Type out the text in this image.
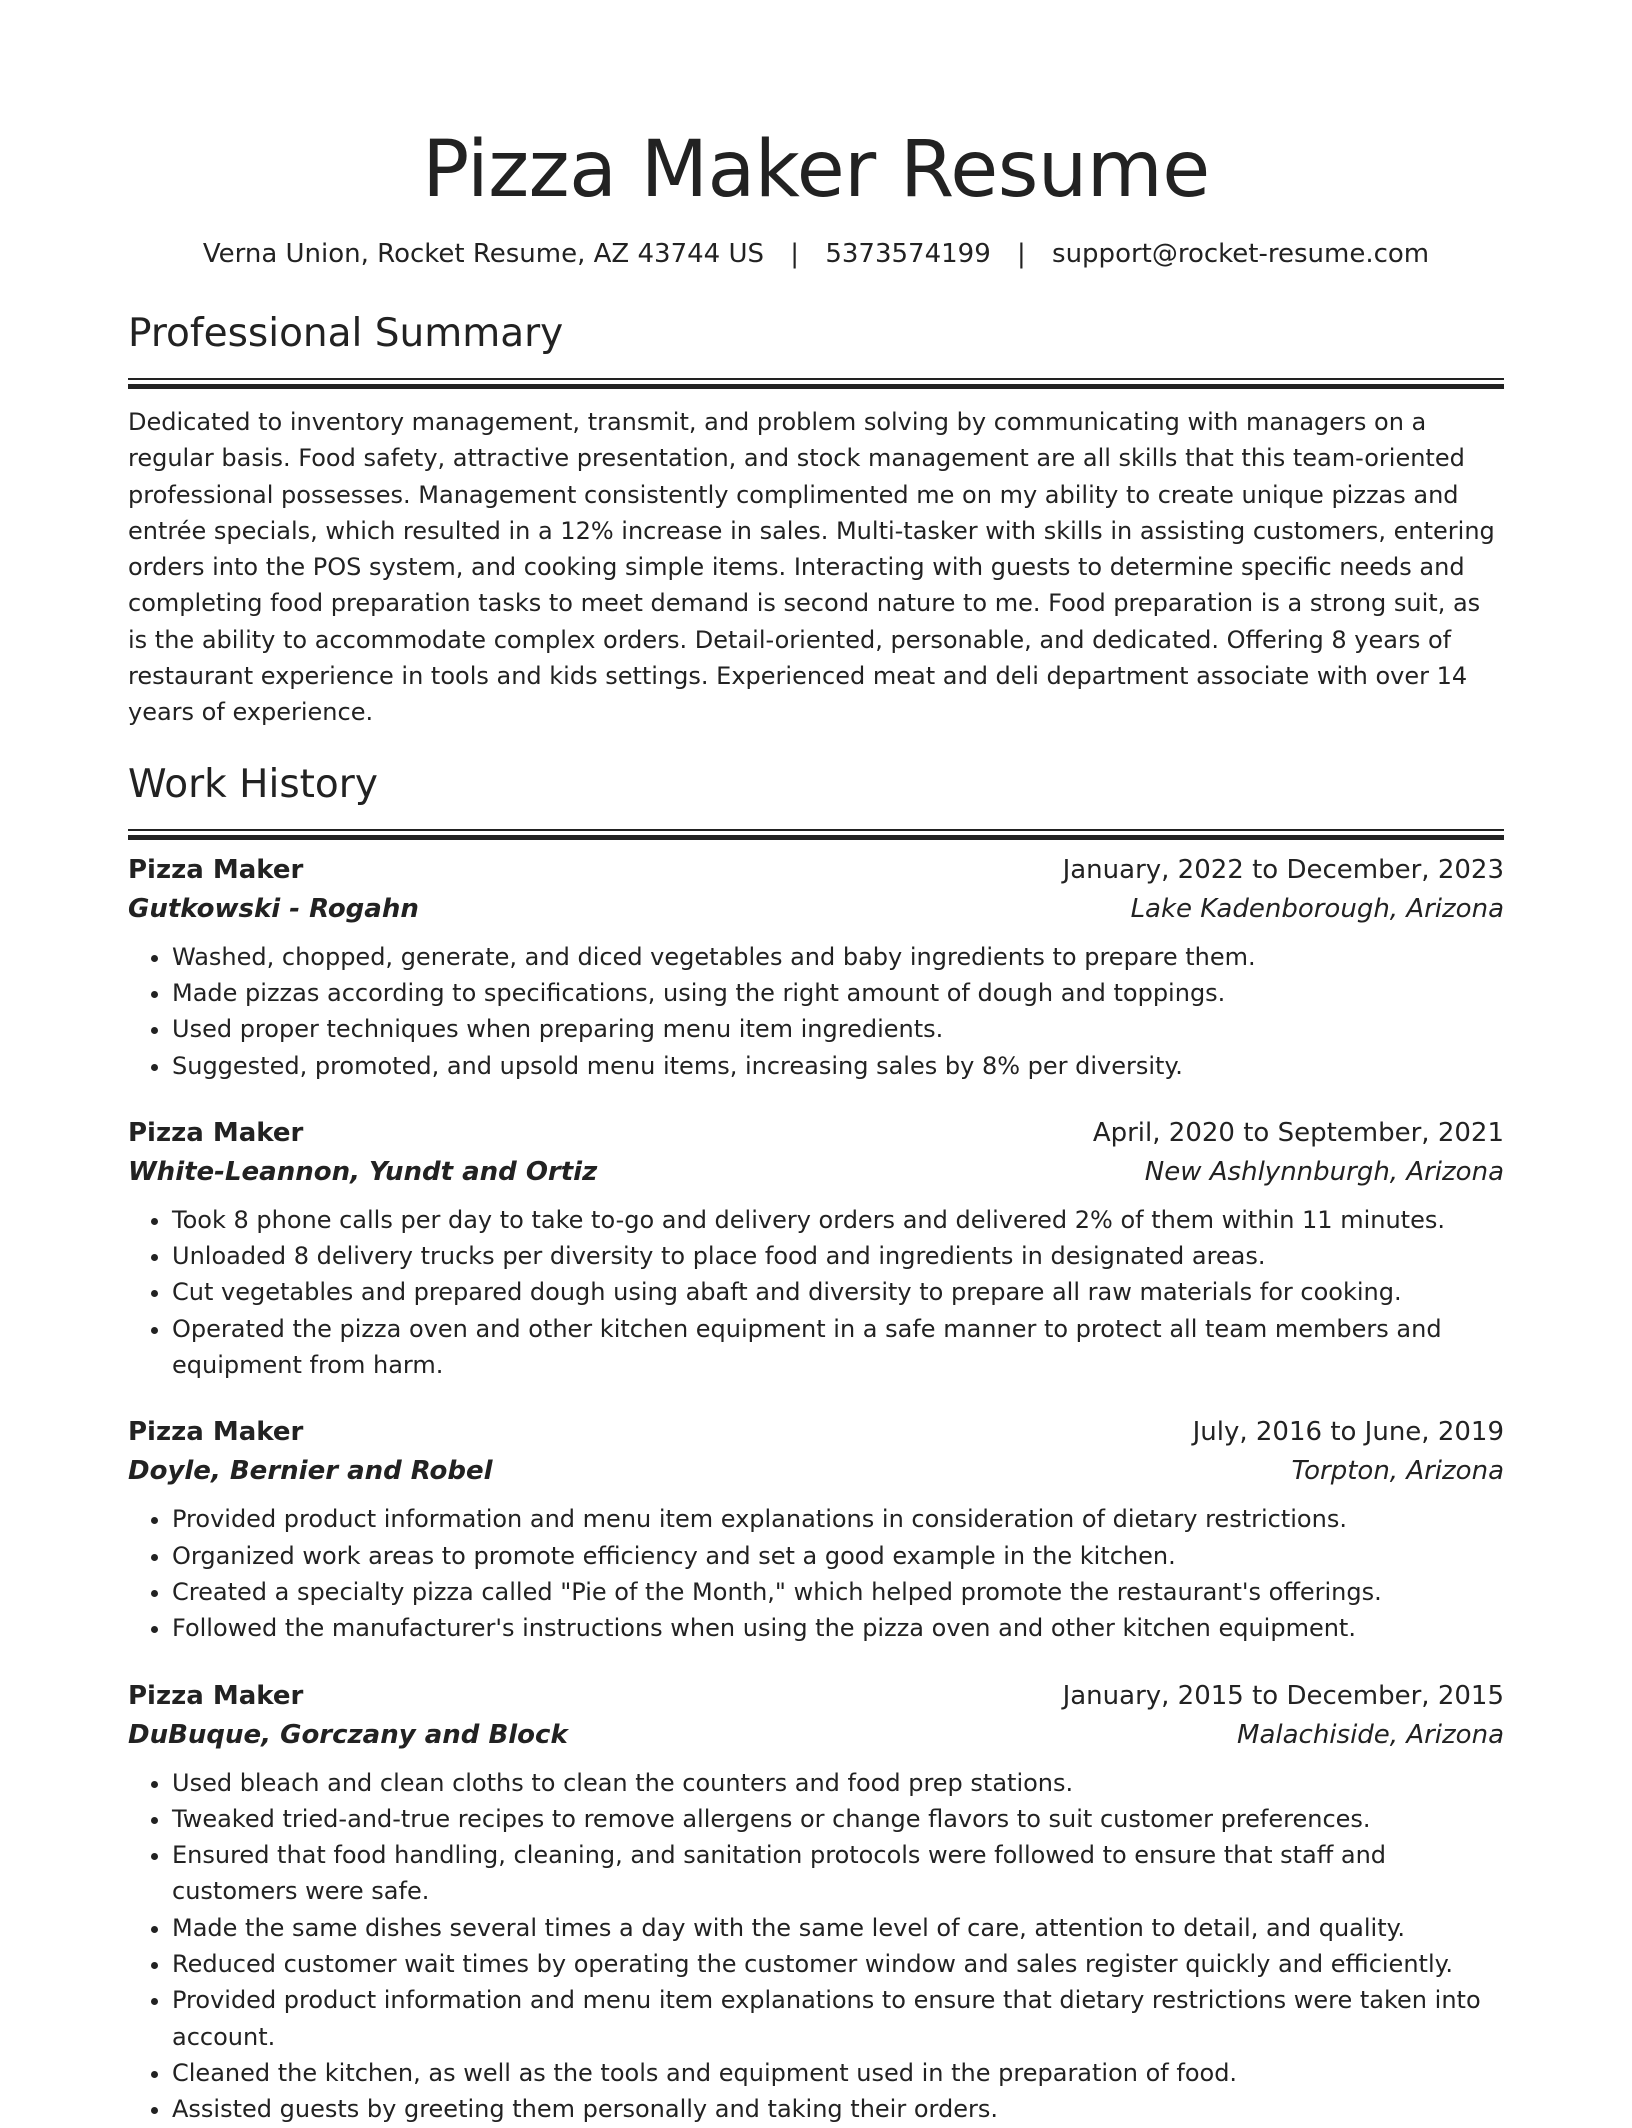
Pizza Maker Resume
Verna Union, Rocket Resume, AZ 43744 US | 5373574199 | support@rocket-resume.com
Professional Summary

Dedicated to inventory management, transmit, and problem solving by communicating with managers on a regular basis. Food safety, attractive presentation, and stock management are all skills that this team-oriented professional possesses. Management consistently complimented me on my ability to create unique pizzas and entrée specials, which resulted in a 12% increase in sales. Multi-tasker with skills in assisting customers, entering orders into the POS system, and cooking simple items. Interacting with guests to determine specific needs and completing food preparation tasks to meet demand is second nature to me. Food preparation is a strong suit, as is the ability to accommodate complex orders. Detail-oriented, personable, and dedicated. Offering 8 years of restaurant experience in tools and kids settings. Experienced meat and deli department associate with over 14 years of experience.

Work History
Pizza Maker	January, 2022 to December, 2023
Gutkowski - Rogahn	Lake Kadenborough, Arizona
• Washed, chopped, generate, and diced vegetables and baby ingredients to prepare them.
• Made pizzas according to specifications, using the right amount of dough and toppings.
• Used proper techniques when preparing menu item ingredients.
• Suggested, promoted, and upsold menu items, increasing sales by 8% per diversity.
Pizza Maker	April, 2020 to September, 2021
White-Leannon, Yundt and Ortiz	New Ashlynnburgh, Arizona
• Took 8 phone calls per day to take to-go and delivery orders and delivered 2% of them within 11 minutes.
• Unloaded 8 delivery trucks per diversity to place food and ingredients in designated areas.
• Cut vegetables and prepared dough using abaft and diversity to prepare all raw materials for cooking.
• Operated the pizza oven and other kitchen equipment in a safe manner to protect all team members and equipment from harm.
Pizza Maker	July, 2016 to June, 2019
Doyle, Bernier and Robel	Torpton, Arizona
• Provided product information and menu item explanations in consideration of dietary restrictions.
• Organized work areas to promote efficiency and set a good example in the kitchen.
• Created a specialty pizza called "Pie of the Month," which helped promote the restaurant's offerings.
• Followed the manufacturer's instructions when using the pizza oven and other kitchen equipment.
Pizza Maker	January, 2015 to December, 2015
DuBuque, Gorczany and Block	Malachiside, Arizona
• Used bleach and clean cloths to clean the counters and food prep stations.
• Tweaked tried-and-true recipes to remove allergens or change flavors to suit customer preferences.
• Ensured that food handling, cleaning, and sanitation protocols were followed to ensure that staff and customers were safe.
• Made the same dishes several times a day with the same level of care, attention to detail, and quality.
• Reduced customer wait times by operating the customer window and sales register quickly and efficiently.
• Provided product information and menu item explanations to ensure that dietary restrictions were taken into account.
• Cleaned the kitchen, as well as the tools and equipment used in the preparation of food.
• Assisted guests by greeting them personally and taking their orders.
